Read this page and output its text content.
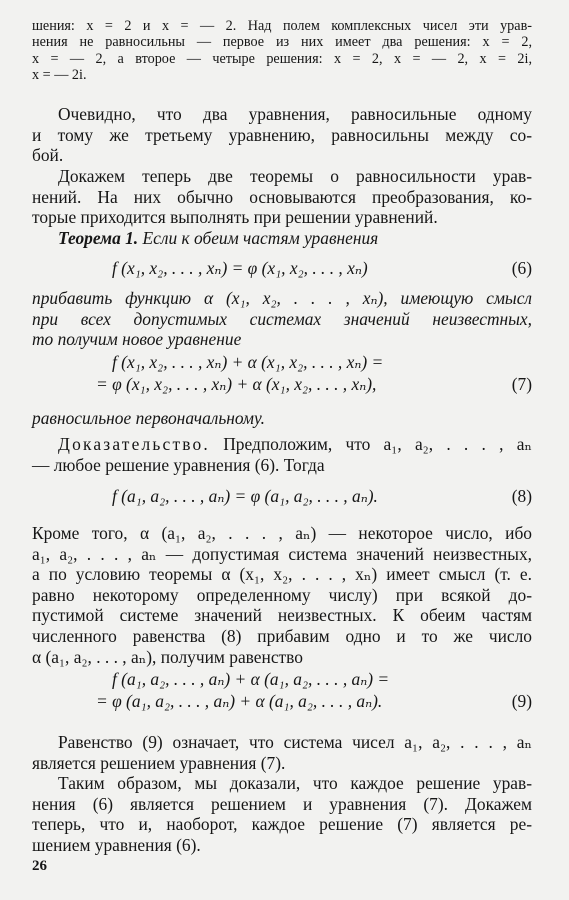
шения: x = 2 и x = — 2. Над полем комплексных чисел эти урав-
нения не равносильны — первое из них имеет два решения: x = 2,
x = — 2, а второе — четыре решения: x = 2, x = — 2, x = 2i,
x = — 2i.
Очевидно, что два уравнения, равносильные одному
и тому же третьему уравнению, равносильны между со-
бой.
Докажем теперь две теоремы о равносильности урав-
нений. На них обычно основываются преобразования, ко-
торые приходится выполнять при решении уравнений.
Теорема 1. Если к обеим частям уравнения
f (x₁, x₂, . . . , xₙ) = φ (x₁, x₂, . . . , xₙ)	(6)
прибавить функцию α (x₁, x₂, . . . , xₙ), имеющую смысл
при всех допустимых системах значений неизвестных,
то получим новое уравнение
f (x₁, x₂, . . . , xₙ) + α (x₁, x₂, . . . , xₙ) =
= φ (x₁, x₂, . . . , xₙ) + α (x₁, x₂, . . . , xₙ),	(7)
равносильное первоначальному.
Доказательство. Предположим, что a₁, a₂, . . . , aₙ
— любое решение уравнения (6). Тогда
f (a₁, a₂, . . . , aₙ) = φ (a₁, a₂, . . . , aₙ).	(8)
Кроме того, α (a₁, a₂, . . . , aₙ) — некоторое число, ибо
a₁, a₂, . . . , aₙ — допустимая система значений неизвестных,
а по условию теоремы α (x₁, x₂, . . . , xₙ) имеет смысл (т. е.
равно некоторому определенному числу) при всякой до-
пустимой системе значений неизвестных. К обеим частям
численного равенства (8) прибавим одно и то же число
α (a₁, a₂, . . . , aₙ), получим равенство
f (a₁, a₂, . . . , aₙ) + α (a₁, a₂, . . . , aₙ) =
= φ (a₁, a₂, . . . , aₙ) + α (a₁, a₂, . . . , aₙ).	(9)
Равенство (9) означает, что система чисел a₁, a₂, . . . , aₙ
является решением уравнения (7).
Таким образом, мы доказали, что каждое решение урав-
нения (6) является решением и уравнения (7). Докажем
теперь, что и, наоборот, каждое решение (7) является ре-
шением уравнения (6).
26
